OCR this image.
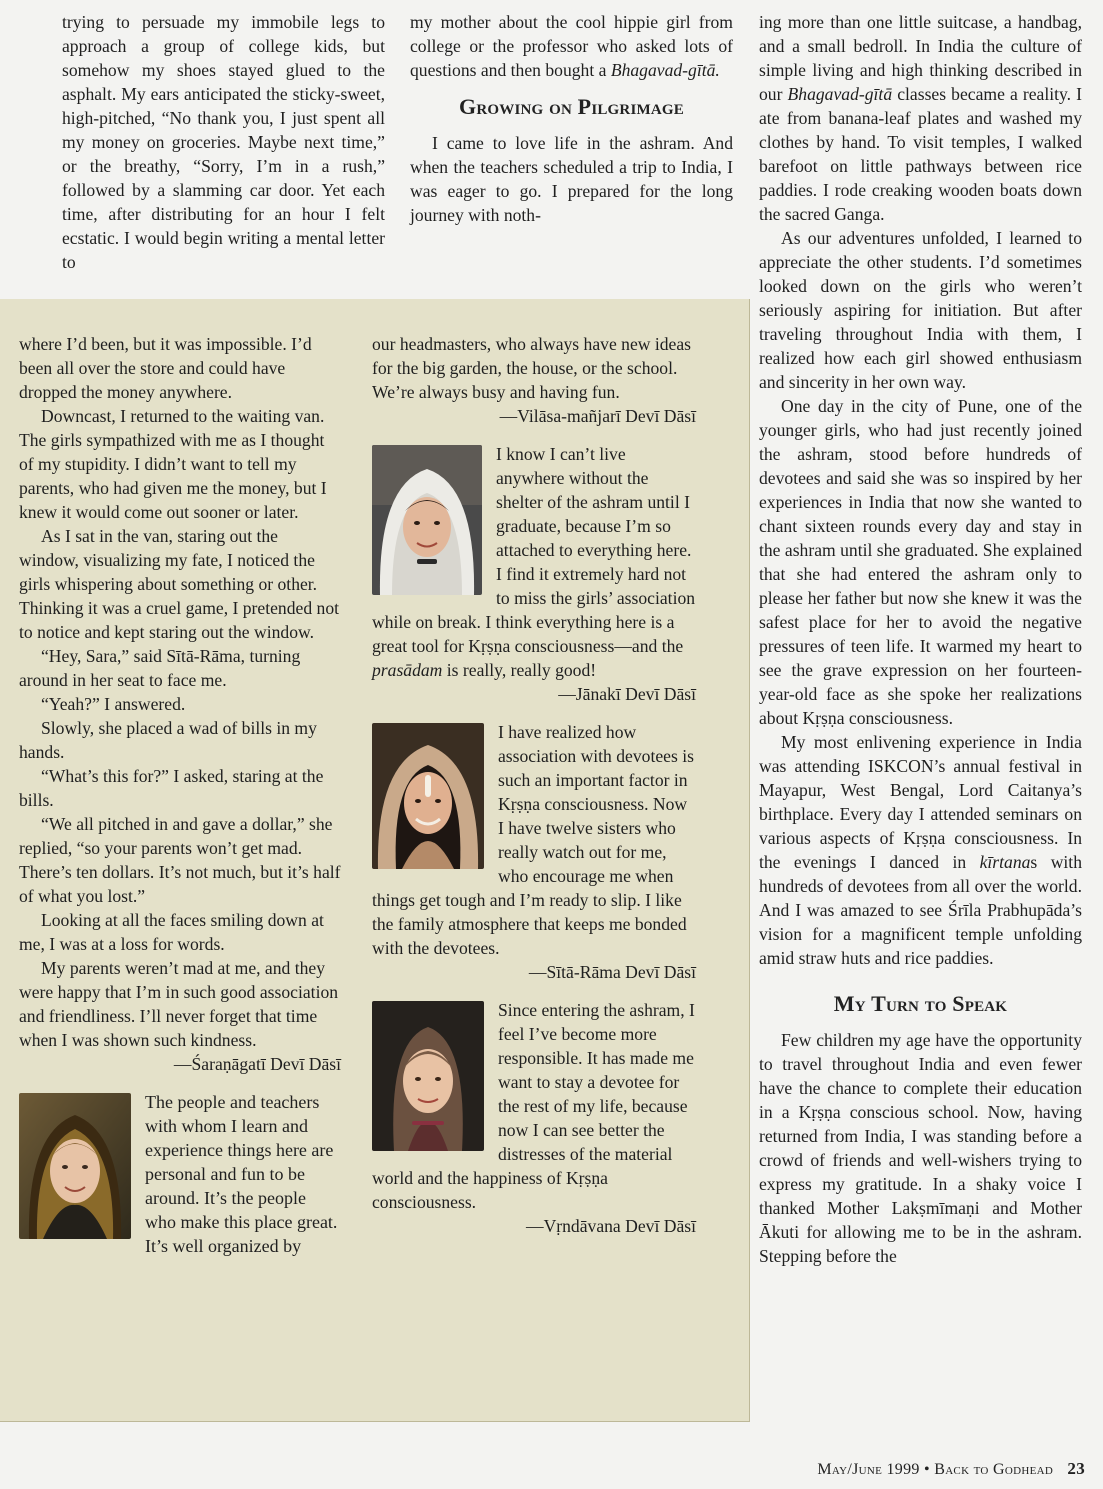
trying to persuade my immobile legs to approach a group of college kids, but somehow my shoes stayed glued to the asphalt. My ears anticipated the sticky-sweet, high-pitched, “No thank you, I just spent all my money on groceries. Maybe next time,” or the breathy, “Sorry, I’m in a rush,” followed by a slamming car door. Yet each time, after distributing for an hour I felt ecstatic. I would begin writing a mental letter to

my mother about the cool hippie girl from college or the professor who asked lots of questions and then bought a Bhagavad-gītā.

Growing on Pilgrimage

I came to love life in the ashram. And when the teachers scheduled a trip to India, I was eager to go. I prepared for the long journey with noth-

ing more than one little suitcase, a handbag, and a small bedroll. In India the culture of simple living and high thinking described in our Bhagavad-gītā classes became a reality. I ate from banana-leaf plates and washed my clothes by hand. To visit temples, I walked barefoot on little pathways between rice paddies. I rode creaking wooden boats down the sacred Ganga.

As our adventures unfolded, I learned to appreciate the other students. I’d sometimes looked down on the girls who weren’t seriously aspiring for initiation. But after traveling throughout India with them, I realized how each girl showed enthusiasm and sincerity in her own way.

One day in the city of Pune, one of the younger girls, who had just recently joined the ashram, stood before hundreds of devotees and said she was so inspired by her experiences in India that now she wanted to chant sixteen rounds every day and stay in the ashram until she graduated. She explained that she had entered the ashram only to please her father but now she knew it was the safest place for her to avoid the negative pressures of teen life. It warmed my heart to see the grave expression on her fourteen-year-old face as she spoke her realizations about Kṛṣṇa consciousness.

My most enlivening experience in India was attending ISKCON’s annual festival in Mayapur, West Bengal, Lord Caitanya’s birthplace. Every day I attended seminars on various aspects of Kṛṣṇa consciousness. In the evenings I danced in kīrtanas with hundreds of devotees from all over the world. And I was amazed to see Śrīla Prabhupāda’s vision for a magnificent temple unfolding amid straw huts and rice paddies.

My Turn to Speak

Few children my age have the opportunity to travel throughout India and even fewer have the chance to complete their education in a Kṛṣṇa conscious school. Now, having returned from India, I was standing before a crowd of friends and well-wishers trying to express my gratitude. In a shaky voice I thanked Mother Lakṣmīmaṇi and Mother Ākuti for allowing me to be in the ashram. Stepping before the

where I’d been, but it was impossible. I’d been all over the store and could have dropped the money anywhere.

Downcast, I returned to the waiting van. The girls sympathized with me as I thought of my stupidity. I didn’t want to tell my parents, who had given me the money, but I knew it would come out sooner or later.

As I sat in the van, staring out the window, visualizing my fate, I noticed the girls whispering about something or other. Thinking it was a cruel game, I pretended not to notice and kept staring out the window.

“Hey, Sara,” said Sītā-Rāma, turning around in her seat to face me.

“Yeah?” I answered.

Slowly, she placed a wad of bills in my hands.

“What’s this for?” I asked, staring at the bills.

“We all pitched in and gave a dollar,” she replied, “so your parents won’t get mad. There’s ten dollars. It’s not much, but it’s half of what you lost.”

Looking at all the faces smiling down at me, I was at a loss for words.

My parents weren’t mad at me, and they were happy that I’m in such good association and friendliness. I’ll never forget that time when I was shown such kindness.

—Śaraṇāgatī Devī Dāsī

The people and teachers with whom I learn and experience things here are personal and fun to be around. It’s the people who make this place great. It’s well organized by

our headmasters, who always have new ideas for the big garden, the house, or the school. We’re always busy and having fun.

—Vilāsa-mañjarī Devī Dāsī

I know I can’t live anywhere without the shelter of the ashram until I graduate, because I’m so attached to everything here. I find it extremely hard not to miss the girls’ association while on break. I think everything here is a great tool for Kṛṣṇa consciousness—and the prasādam is really, really good!

—Jānakī Devī Dāsī

I have realized how association with devotees is such an important factor in Kṛṣṇa consciousness. Now I have twelve sisters who really watch out for me, who encourage me when things get tough and I’m ready to slip. I like the family atmosphere that keeps me bonded with the devotees.

—Sītā-Rāma Devī Dāsī

Since entering the ashram, I feel I’ve become more responsible. It has made me want to stay a devotee for the rest of my life, because now I can see better the distresses of the material world and the happiness of Kṛṣṇa consciousness.

—Vṛndāvana Devī Dāsī

May/June 1999 • Back to Godhead 23
